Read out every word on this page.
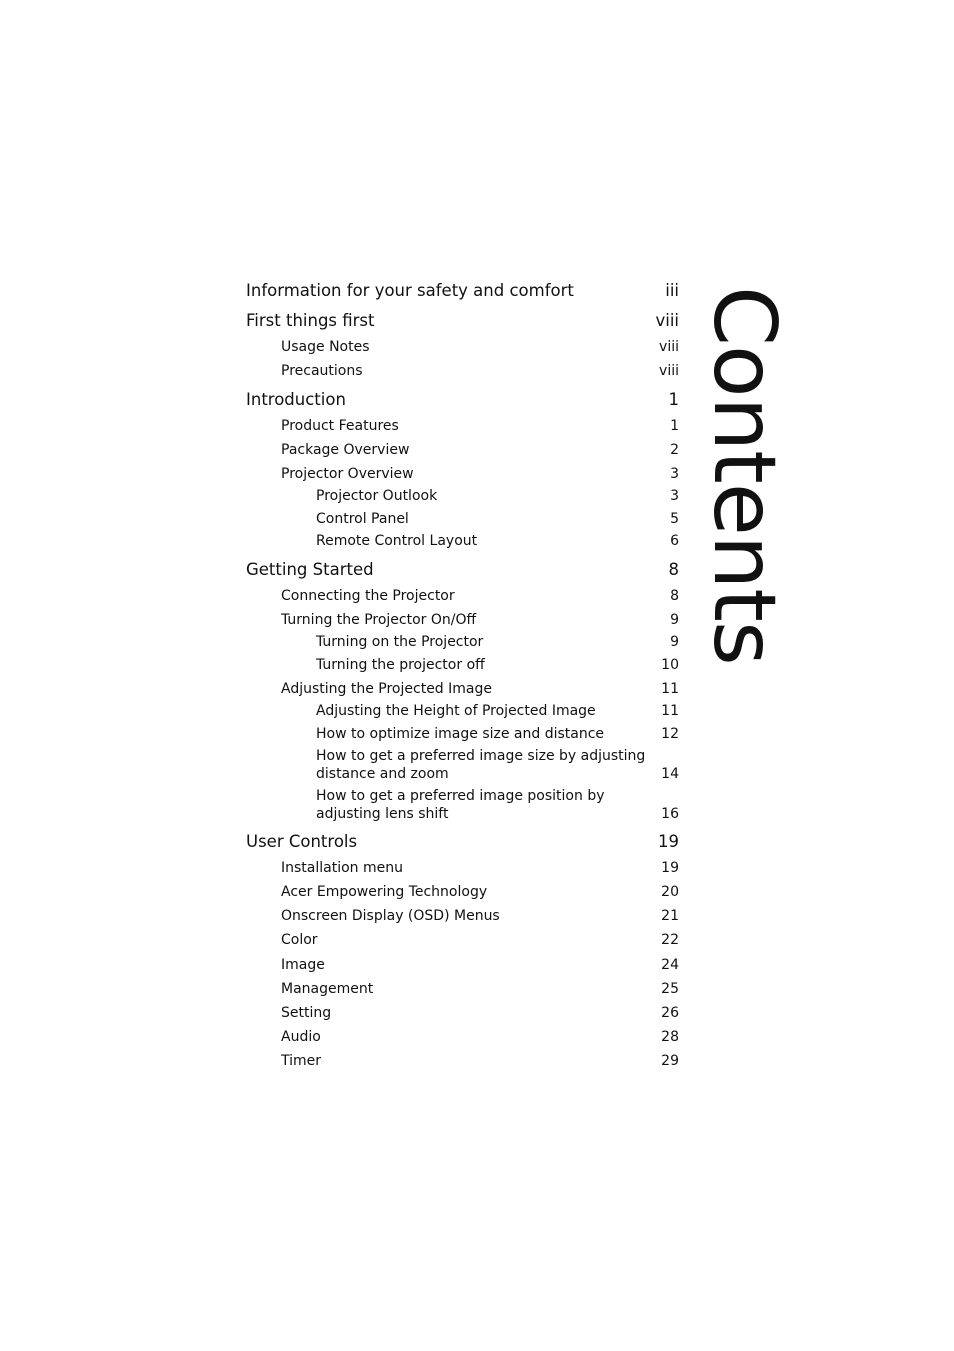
Information for your safety and comfort	iii
First things first	viii
Usage Notes	viii
Precautions	viii
Introduction	1
Product Features	1
Package Overview	2
Projector Overview	3
Projector Outlook	3
Control Panel	5
Remote Control Layout	6
Getting Started	8
Connecting the Projector	8
Turning the Projector On/Off	9
Turning on the Projector	9
Turning the projector off	10
Adjusting the Projected Image	11
Adjusting the Height of Projected Image	11
How to optimize image size and distance	12
How to get a preferred image size by adjusting distance and zoom	14
How to get a preferred image position by adjusting lens shift	16
User Controls	19
Installation menu	19
Acer Empowering Technology	20
Onscreen Display (OSD) Menus	21
Color	22
Image	24
Management	25
Setting	26
Audio	28
Timer	29
Contents
